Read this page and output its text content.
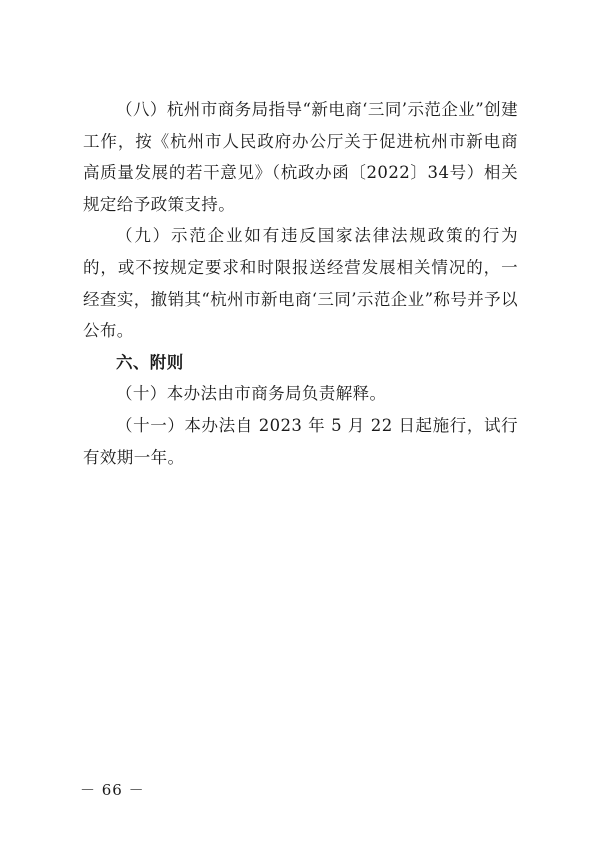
（八）杭州市商务局指导“新电商‘三同’示范企业”创建工作，按《杭州市人民政府办公厅关于促进杭州市新电商高质量发展的若干意见》（杭政办函〔2022〕34号）相关规定给予政策支持。

（九）示范企业如有违反国家法律法规政策的行为的，或不按规定要求和时限报送经营发展相关情况的，一经查实，撤销其“杭州市新电商‘三同’示范企业”称号并予以公布。

六、附则

（十）本办法由市商务局负责解释。

（十一）本办法自 2023 年 5 月 22 日起施行，试行有效期一年。

－ 66 －
